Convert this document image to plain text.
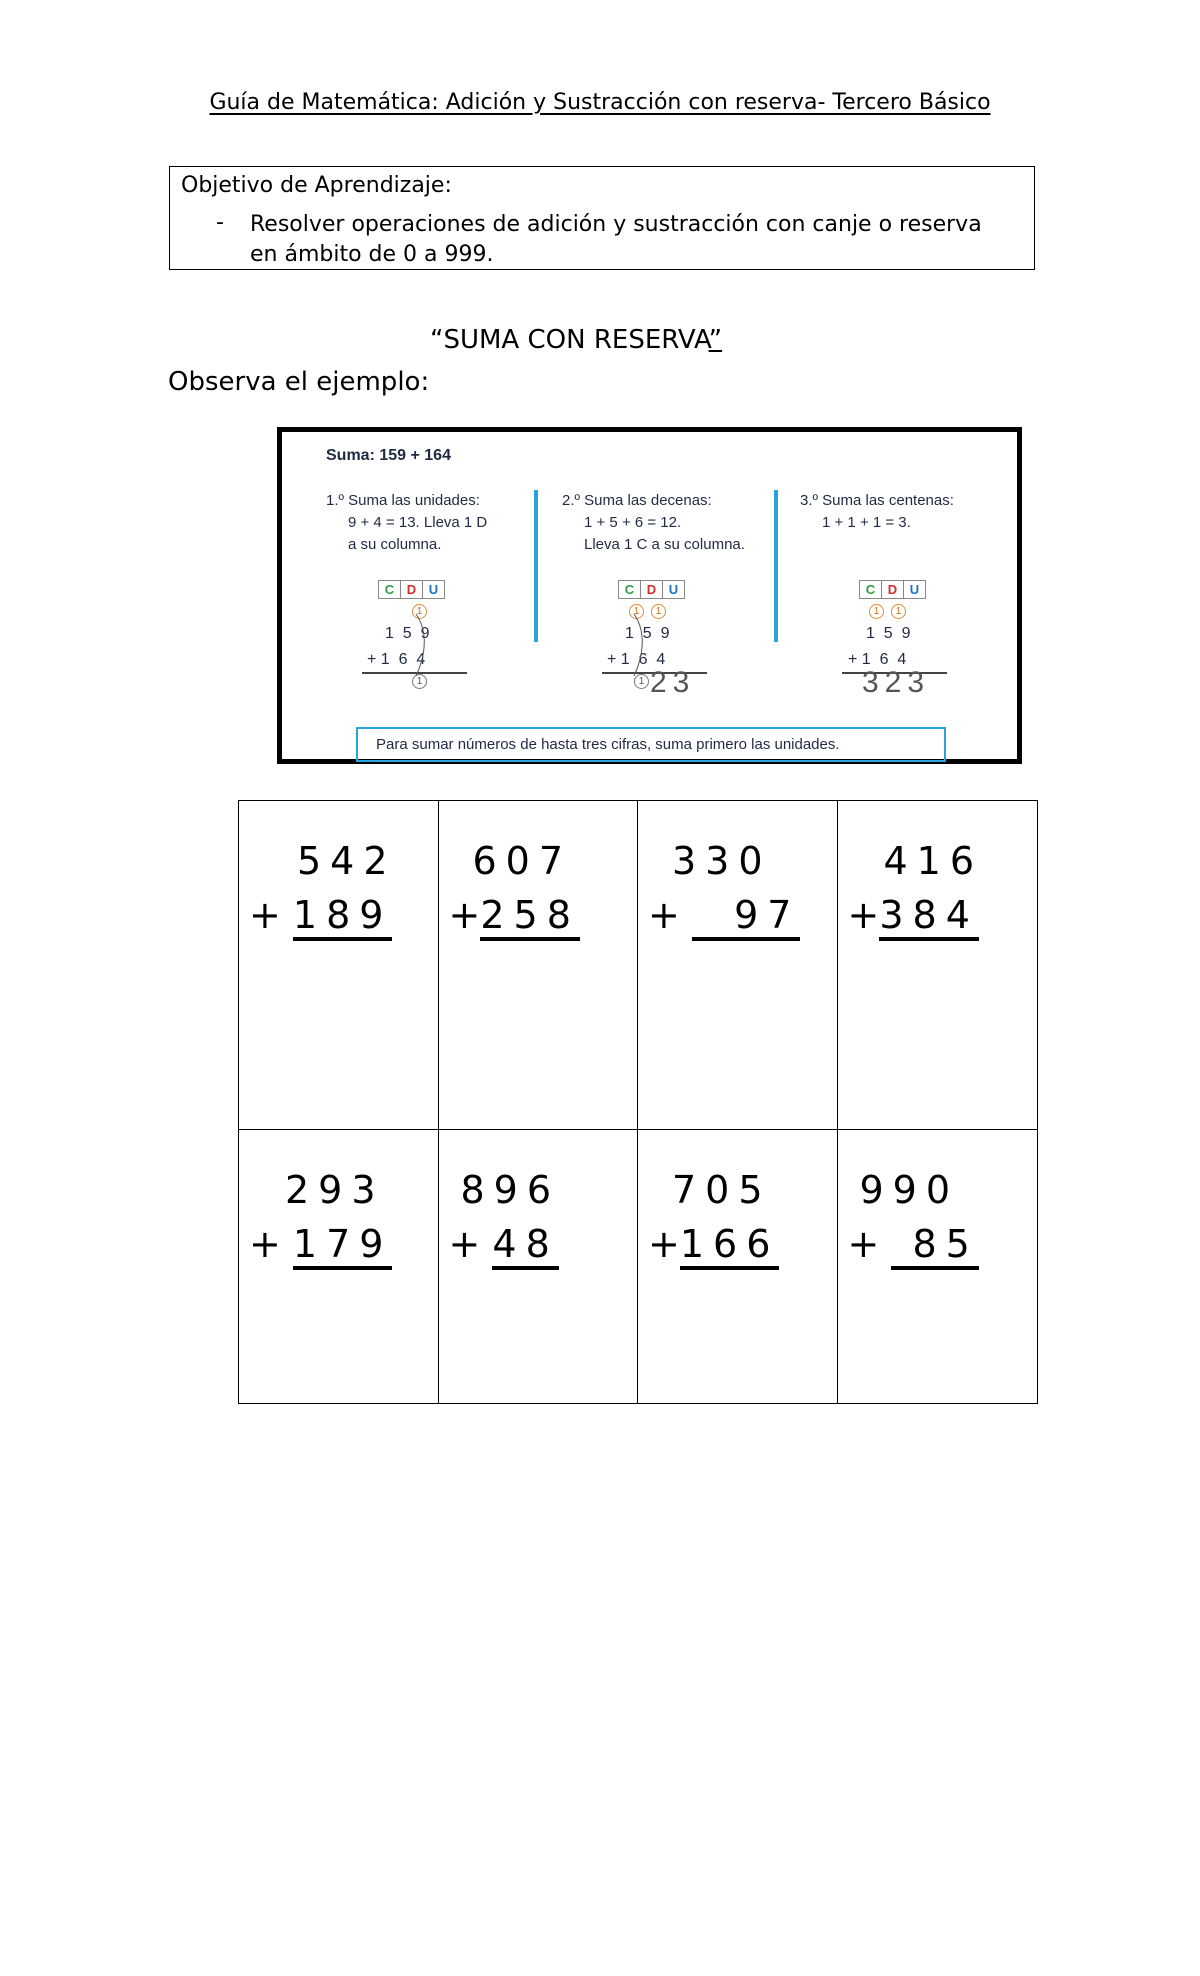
Guía de Matemática: Adición y Sustracción con reserva- Tercero Básico
Objetivo de Aprendizaje:
- Resolver operaciones de adición y sustracción con canje o reserva en ámbito de 0 a 999.
“SUMA CON RESERVA”
Observa el ejemplo:
Suma: 159 + 164
1.º Suma las unidades:
9 + 4 = 13. Lleva 1 D
a su columna.
2.º Suma las decenas:
1 + 5 + 6 = 12.
Lleva 1 C a su columna.
3.º Suma las centenas:
1 + 1 + 1 = 3.
C D U	C D U	C D U
1	1	1	1	1
1  5  9
+ 1  6  4
1
1  5  9
+ 1  6  4
1 23
1  5  9
+ 1  6  4
323
Para sumar números de hasta tres cifras, suma primero las unidades.
542
+ 189
607
+258
330
+   97
416
+384
293
+ 179
896
+ 48
705
+166
990
+  85
